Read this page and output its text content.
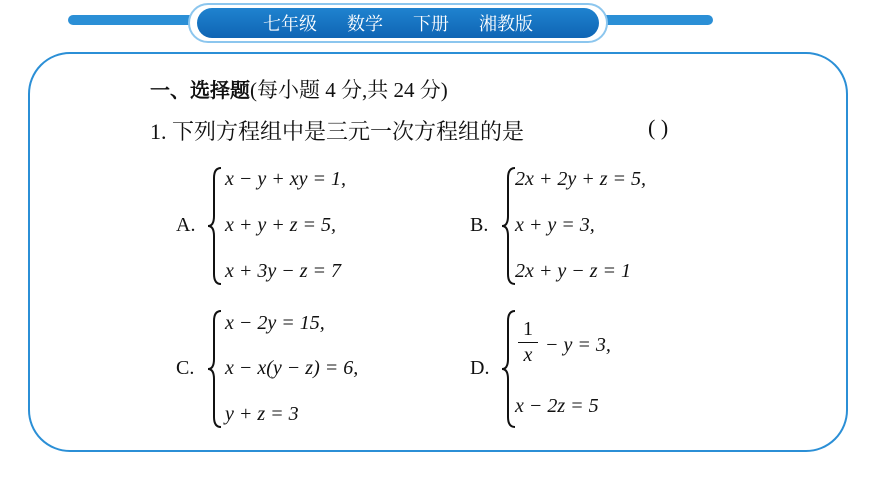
七年级 数学 下册 湘教版
一、选择题(每小题 4 分,共 24 分)
1. 下列方程组中是三元一次方程组的是	( )
A.
x − y + xy = 1,
x + y + z = 5,
x + 3y − z = 7
B.
2x + 2y + z = 5,
x + y = 3,
2x + y − z = 1
C.
x − 2y = 15,
x − x(y − z) = 6,
y + z = 3
D.
1
x − y = 3,
x − 2z = 5
